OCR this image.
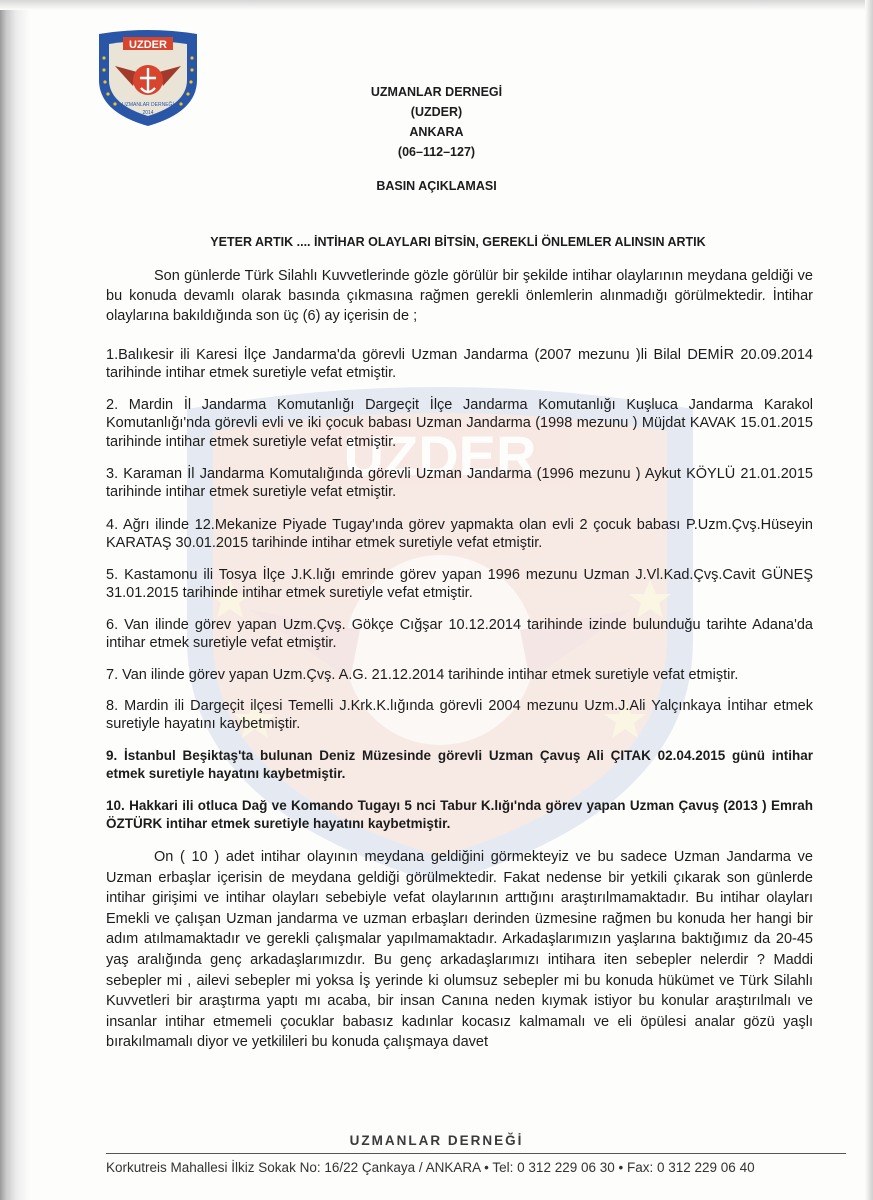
UZDER
UZDER
UZMANLAR DERNEĞİ
2014
UZMANLAR DERNEGİ
(UZDER)
ANKARA
(06–112–127)
BASIN AÇIKLAMASI
YETER ARTIK .... İNTİHAR OLAYLARI BİTSİN, GEREKLİ ÖNLEMLER ALINSIN ARTIK
Son günlerde Türk Silahlı Kuvvetlerinde gözle görülür bir şekilde intihar olaylarının meydana geldiği ve bu konuda devamlı olarak basında çıkmasına rağmen gerekli önlemlerin alınmadığı görülmektedir. İntihar olaylarına bakıldığında son üç (6) ay içerisin de ;
1.Balıkesir ili Karesi İlçe Jandarma'da görevli Uzman Jandarma (2007 mezunu )li Bilal DEMİR 20.09.2014 tarihinde intihar etmek suretiyle vefat etmiştir.
2. Mardin İl Jandarma Komutanlığı Dargeçit İlçe Jandarma Komutanlığı Kuşluca Jandarma Karakol Komutanlığı'nda görevli evli ve iki çocuk babası Uzman Jandarma (1998 mezunu ) Müjdat KAVAK 15.01.2015 tarihinde intihar etmek suretiyle vefat etmiştir.
3. Karaman İl Jandarma Komutalığında görevli Uzman Jandarma (1996 mezunu ) Aykut KÖYLÜ 21.01.2015 tarihinde intihar etmek suretiyle vefat etmiştir.
4. Ağrı ilinde 12.Mekanize Piyade Tugay'ında görev yapmakta olan evli 2 çocuk babası P.Uzm.Çvş.Hüseyin KARATAŞ 30.01.2015 tarihinde intihar etmek suretiyle vefat etmiştir.
5. Kastamonu ili Tosya İlçe J.K.lığı emrinde görev yapan 1996 mezunu Uzman J.Vl.Kad.Çvş.Cavit GÜNEŞ 31.01.2015 tarihinde intihar etmek suretiyle vefat etmiştir.
6. Van ilinde görev yapan Uzm.Çvş. Gökçe Cığşar 10.12.2014 tarihinde izinde bulunduğu tarihte Adana'da intihar etmek suretiyle vefat etmiştir.
7. Van ilinde görev yapan Uzm.Çvş. A.G. 21.12.2014 tarihinde intihar etmek suretiyle vefat etmiştir.
8. Mardin ili Dargeçit ilçesi Temelli J.Krk.K.lığında görevli 2004 mezunu Uzm.J.Ali Yalçınkaya İntihar etmek suretiyle hayatını kaybetmiştir.
9. İstanbul Beşiktaş'ta bulunan Deniz Müzesinde görevli Uzman Çavuş Ali ÇITAK 02.04.2015 günü intihar etmek suretiyle hayatını kaybetmiştir.
10. Hakkari ili otluca Dağ ve Komando Tugayı 5 nci Tabur K.lığı'nda görev yapan Uzman Çavuş (2013 ) Emrah ÖZTÜRK intihar etmek suretiyle hayatını kaybetmiştir.
On ( 10 ) adet intihar olayının meydana geldiğini görmekteyiz ve bu sadece Uzman Jandarma ve Uzman erbaşlar içerisin de meydana geldiği görülmektedir. Fakat nedense bir yetkili çıkarak son günlerde intihar girişimi ve intihar olayları sebebiyle vefat olaylarının arttığını araştırılmamaktadır. Bu intihar olayları Emekli ve çalışan Uzman jandarma ve uzman erbaşları derinden üzmesine rağmen bu konuda her hangi bir adım atılmamaktadır ve gerekli çalışmalar yapılmamaktadır. Arkadaşlarımızın yaşlarına baktığımız da 20-45 yaş aralığında genç arkadaşlarımızdır. Bu genç arkadaşlarımızı intihara iten sebepler nelerdir ? Maddi sebepler mi , ailevi sebepler mi yoksa İş yerinde ki olumsuz sebepler mi bu konuda hükümet ve Türk Silahlı Kuvvetleri bir araştırma yaptı mı acaba, bir insan Canına neden kıymak istiyor bu konular araştırılmalı ve insanlar intihar etmemeli çocuklar babasız kadınlar kocasız kalmamalı ve eli öpülesi analar gözü yaşlı bırakılmamalı diyor ve yetkilileri bu konuda çalışmaya davet
UZMANLAR DERNEĞİ
Korkutreis Mahallesi İlkiz Sokak No: 16/22 Çankaya / ANKARA • Tel: 0 312 229 06 30 • Fax: 0 312 229 06 40
